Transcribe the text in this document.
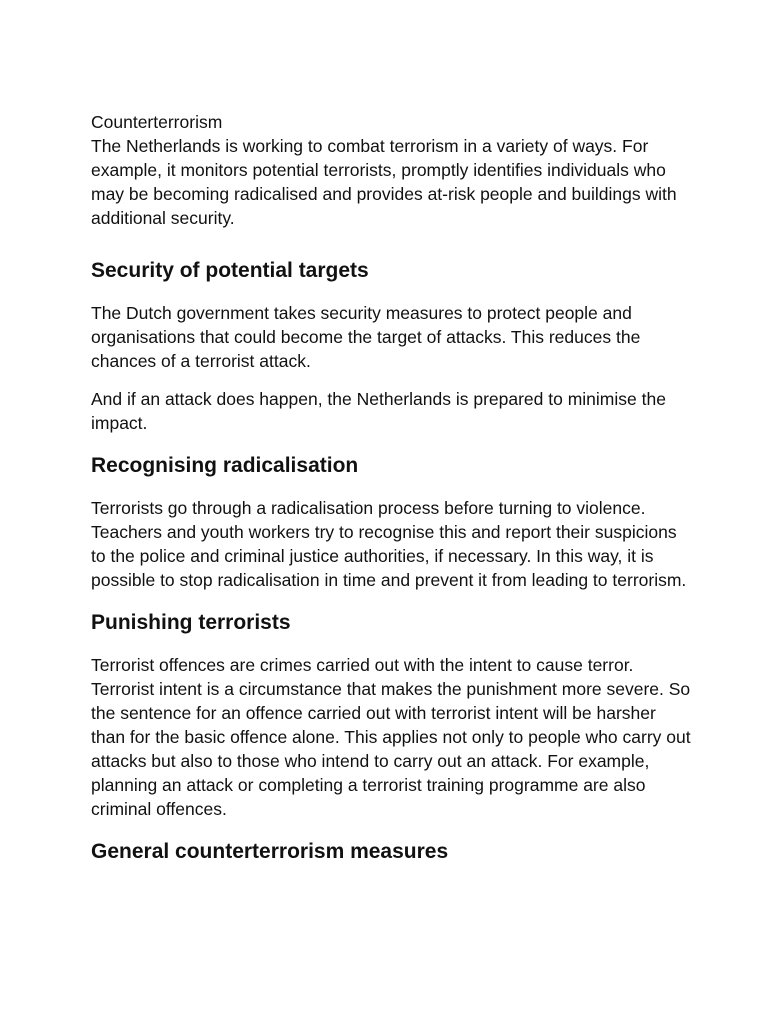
Counterterrorism

The Netherlands is working to combat terrorism in a variety of ways. For example, it monitors potential terrorists, promptly identifies individuals who may be becoming radicalised and provides at-risk people and buildings with additional security.

Security of potential targets

The Dutch government takes security measures to protect people and organisations that could become the target of attacks. This reduces the chances of a terrorist attack.

And if an attack does happen, the Netherlands is prepared to minimise the impact.

Recognising radicalisation

Terrorists go through a radicalisation process before turning to violence. Teachers and youth workers try to recognise this and report their suspicions to the police and criminal justice authorities, if necessary. In this way, it is possible to stop radicalisation in time and prevent it from leading to terrorism.

Punishing terrorists

Terrorist offences are crimes carried out with the intent to cause terror. Terrorist intent is a circumstance that makes the punishment more severe. So the sentence for an offence carried out with terrorist intent will be harsher than for the basic offence alone. This applies not only to people who carry out attacks but also to those who intend to carry out an attack. For example, planning an attack or completing a terrorist training programme are also criminal offences.

General counterterrorism measures
